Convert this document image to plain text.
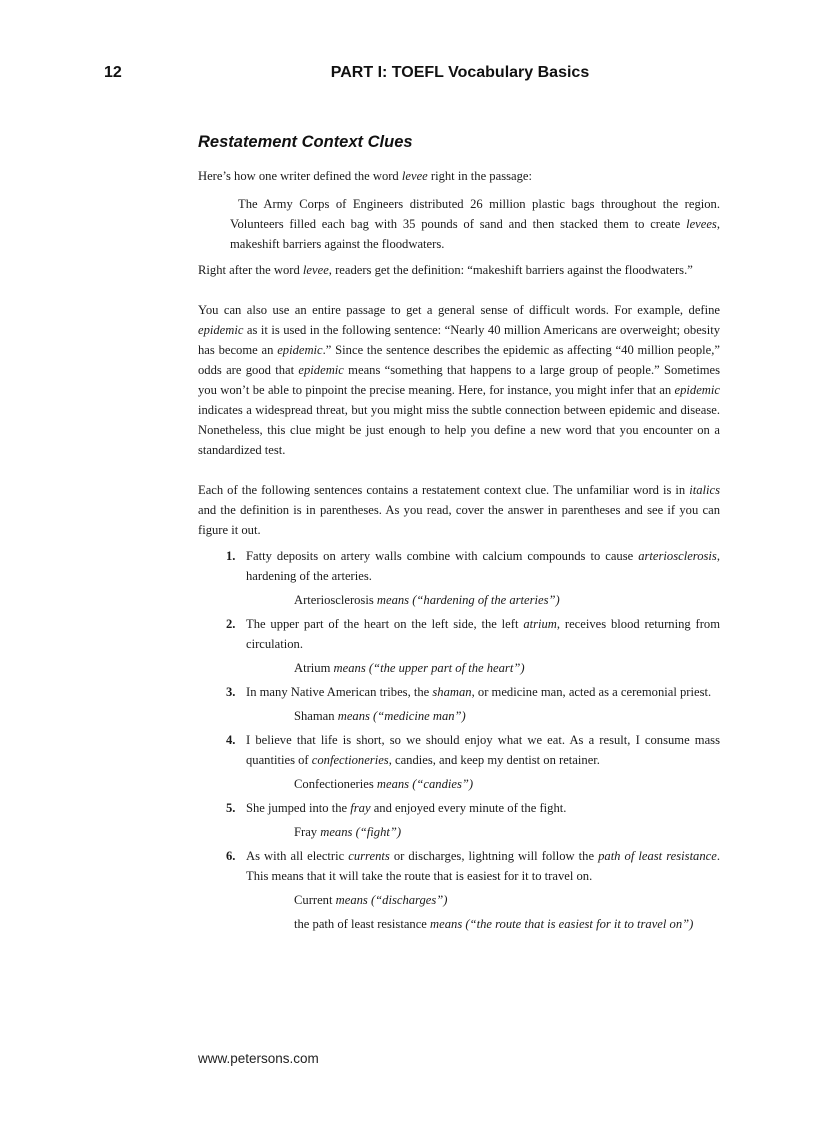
12	PART I: TOEFL Vocabulary Basics
Restatement Context Clues

Here’s how one writer defined the word levee right in the passage:

The Army Corps of Engineers distributed 26 million plastic bags throughout the region. Volunteers filled each bag with 35 pounds of sand and then stacked them to create levees, makeshift barriers against the floodwaters.

Right after the word levee, readers get the definition: “makeshift barriers against the floodwaters.”

You can also use an entire passage to get a general sense of difficult words. For example, define epidemic as it is used in the following sentence: “Nearly 40 million Americans are overweight; obesity has become an epidemic.” Since the sentence describes the epidemic as affecting “40 million people,” odds are good that epidemic means “something that happens to a large group of people.” Sometimes you won’t be able to pinpoint the precise meaning. Here, for instance, you might infer that an epidemic indicates a widespread threat, but you might miss the subtle connection between epidemic and disease. Nonetheless, this clue might be just enough to help you define a new word that you encounter on a standardized test.

Each of the following sentences contains a restatement context clue. The unfamiliar word is in italics and the definition is in parentheses. As you read, cover the answer in parentheses and see if you can figure it out.

1. Fatty deposits on artery walls combine with calcium compounds to cause arteriosclerosis, hardening of the arteries.
Arteriosclerosis means (“hardening of the arteries”)
2. The upper part of the heart on the left side, the left atrium, receives blood returning from circulation.
Atrium means (“the upper part of the heart”)
3. In many Native American tribes, the shaman, or medicine man, acted as a ceremonial priest.
Shaman means (“medicine man”)
4. I believe that life is short, so we should enjoy what we eat. As a result, I consume mass quantities of confectioneries, candies, and keep my dentist on retainer.
Confectioneries means (“candies”)
5. She jumped into the fray and enjoyed every minute of the fight.
Fray means (“fight”)
6. As with all electric currents or discharges, lightning will follow the path of least resistance. This means that it will take the route that is easiest for it to travel on.
Current means (“discharges”)
the path of least resistance means (“the route that is easiest for it to travel on”)
www.petersons.com
